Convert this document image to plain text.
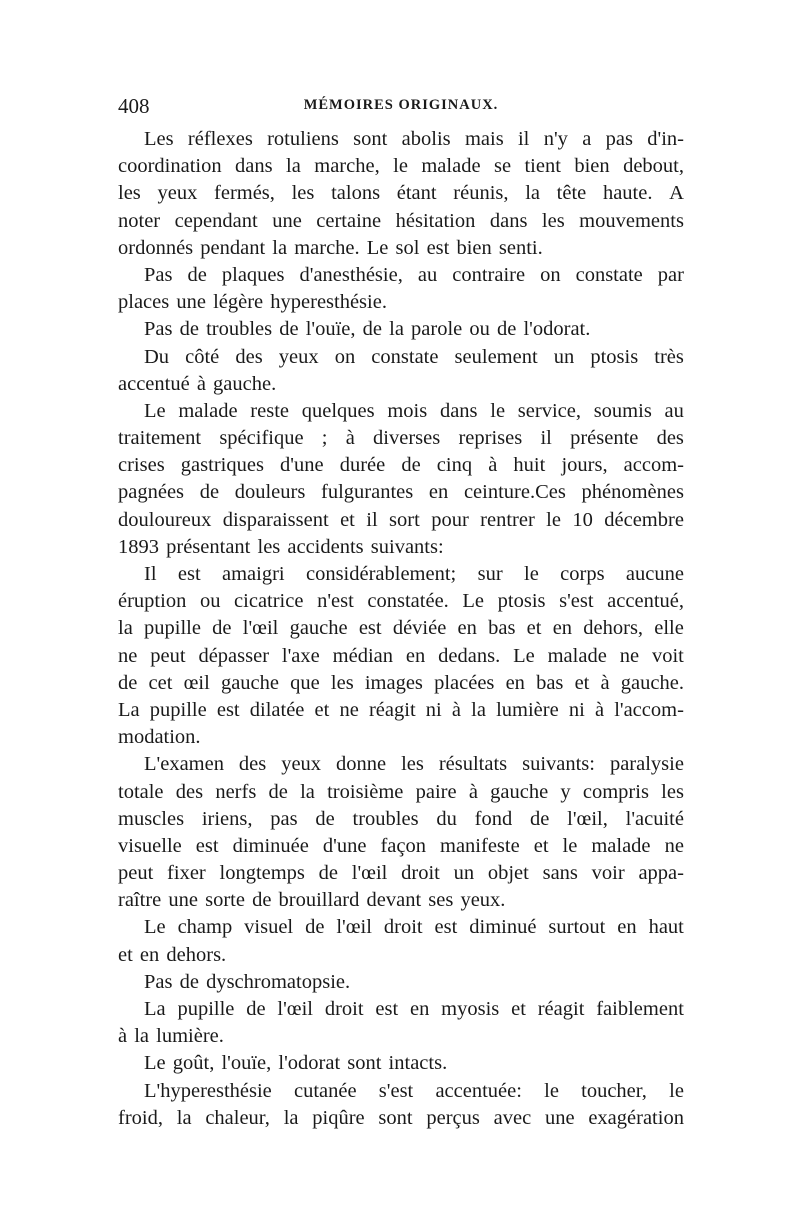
408	MÉMOIRES ORIGINAUX.
Les réflexes rotuliens sont abolis mais il n'y a pas d'in-
coordination dans la marche, le malade se tient bien debout,
les yeux fermés, les talons étant réunis, la tête haute. A
noter cependant une certaine hésitation dans les mouvements
ordonnés pendant la marche. Le sol est bien senti.
Pas de plaques d'anesthésie, au contraire on constate par
places une légère hyperesthésie.
Pas de troubles de l'ouïe, de la parole ou de l'odorat.
Du côté des yeux on constate seulement un ptosis très
accentué à gauche.
Le malade reste quelques mois dans le service, soumis au
traitement spécifique ; à diverses reprises il présente des
crises gastriques d'une durée de cinq à huit jours, accom-
pagnées de douleurs fulgurantes en ceinture.Ces phénomènes
douloureux disparaissent et il sort pour rentrer le 10 décembre
1893 présentant les accidents suivants:
Il est amaigri considérablement; sur le corps aucune
éruption ou cicatrice n'est constatée. Le ptosis s'est accentué,
la pupille de l'œil gauche est déviée en bas et en dehors, elle
ne peut dépasser l'axe médian en dedans. Le malade ne voit
de cet œil gauche que les images placées en bas et à gauche.
La pupille est dilatée et ne réagit ni à la lumière ni à l'accom-
modation.
L'examen des yeux donne les résultats suivants: paralysie
totale des nerfs de la troisième paire à gauche y compris les
muscles iriens, pas de troubles du fond de l'œil, l'acuité
visuelle est diminuée d'une façon manifeste et le malade ne
peut fixer longtemps de l'œil droit un objet sans voir appa-
raître une sorte de brouillard devant ses yeux.
Le champ visuel de l'œil droit est diminué surtout en haut
et en dehors.
Pas de dyschromatopsie.
La pupille de l'œil droit est en myosis et réagit faiblement
à la lumière.
Le goût, l'ouïe, l'odorat sont intacts.
L'hyperesthésie cutanée s'est accentuée: le toucher, le
froid, la chaleur, la piqûre sont perçus avec une exagération
